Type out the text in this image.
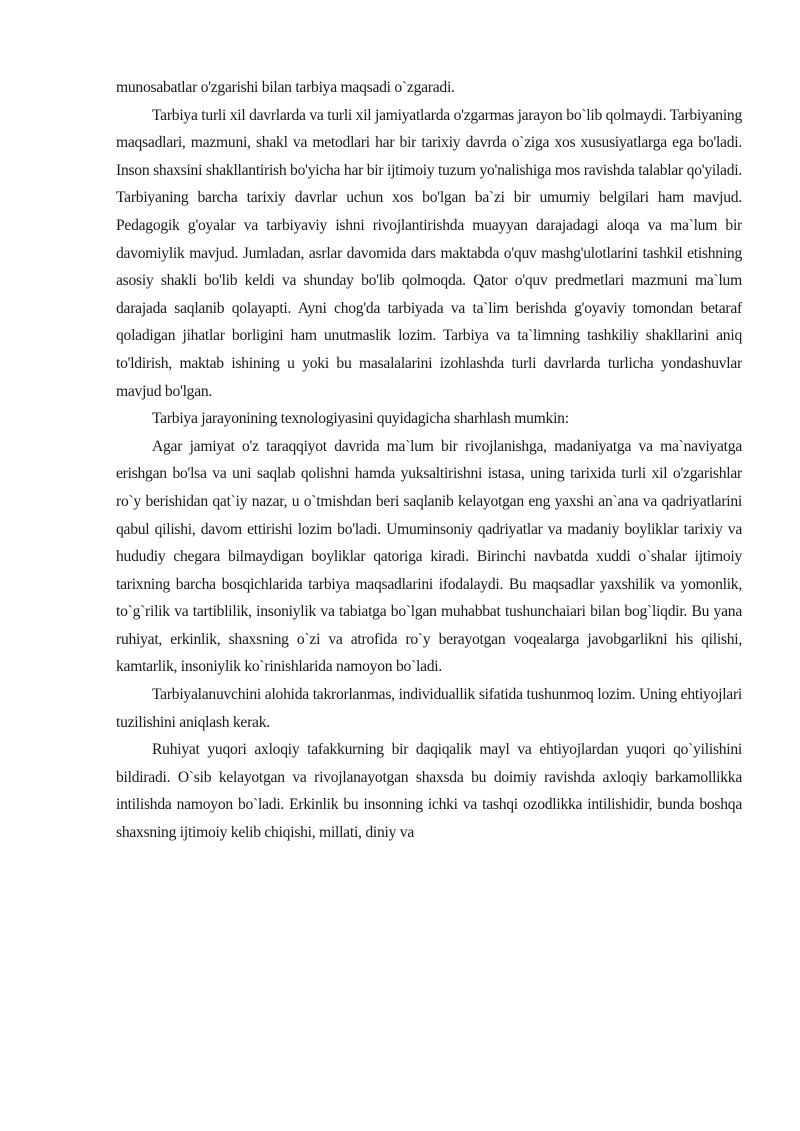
munosabatlar o'zgarishi bilan tarbiya maqsadi o`zgaradi.

Tarbiya turli xil davrlarda va turli xil jamiyatlarda o'zgarmas jarayon bo`lib qolmaydi. Tarbiyaning maqsadlari, mazmuni, shakl va metodlari har bir tarixiy davrda o`ziga xos xususiyatlarga ega bo'ladi. Inson shaxsini shakllantirish bo'yicha har bir ijtimoiy tuzum yo'nalishiga mos ravishda talablar qo'yiladi. Tarbiyaning barcha tarixiy davrlar uchun xos bo'lgan ba`zi bir umumiy belgilari ham mavjud. Pedagogik g'oyalar va tarbiyaviy ishni rivojlantirishda muayyan darajadagi aloqa va ma`lum bir davomiylik mavjud. Jumladan, asrlar davomida dars maktabda o'quv mashg'ulotlarini tashkil etishning asosiy shakli bo'lib keldi va shunday bo'lib qolmoqda. Qator o'quv predmetlari mazmuni ma`lum darajada saqlanib qolayapti. Ayni chog'da tarbiyada va ta`lim berishda g'oyaviy tomondan betaraf qoladigan jihatlar borligini ham unutmaslik lozim. Tarbiya va ta`limning tashkiliy shakllarini aniq to'ldirish, maktab ishining u yoki bu masalalarini izohlashda turli davrlarda turlicha yondashuvlar mavjud bo'lgan.

Tarbiya jarayonining texnologiyasini quyidagicha sharhlash mumkin:

Agar jamiyat o'z taraqqiyot davrida ma`lum bir rivojlanishga, madaniyatga va ma`naviyatga erishgan bo'lsa va uni saqlab qolishni hamda yuksaltirishni istasa, uning tarixida turli xil o'zgarishlar ro`y berishidan qat`iy nazar, u o`tmishdan beri saqlanib kelayotgan eng yaxshi an`ana va qadriyatlarini qabul qilishi, davom ettirishi lozim bo'ladi. Umuminsoniy qadriyatlar va madaniy boyliklar tarixiy va hududiy chegara bilmaydigan boyliklar qatoriga kiradi. Birinchi navbatda xuddi o`shalar ijtimoiy tarixning barcha bosqichlarida tarbiya maqsadlarini ifodalaydi. Bu maqsadlar yaxshilik va yomonlik, to`g`rilik va tartiblilik, insoniylik va tabiatga bo`lgan muhabbat tushunchaiari bilan bog`liqdir. Bu yana ruhiyat, erkinlik, shaxsning o`zi va atrofida ro`y berayotgan voqealarga javobgarlikni his qilishi, kamtarlik, insoniylik ko`rinishlarida namoyon bo`ladi.

Tarbiyalanuvchini alohida takrorlanmas, individuallik sifatida tushunmoq lozim. Uning ehtiyojlari tuzilishini aniqlash kerak.

Ruhiyat yuqori axloqiy tafakkurning bir daqiqalik mayl va ehtiyojlardan yuqori qo`yilishini bildiradi. O`sib kelayotgan va rivojlanayotgan shaxsda bu doimiy ravishda axloqiy barkamollikka intilishda namoyon bo`ladi. Erkinlik bu insonning ichki va tashqi ozodlikka intilishidir, bunda boshqa shaxsning ijtimoiy kelib chiqishi, millati, diniy va
